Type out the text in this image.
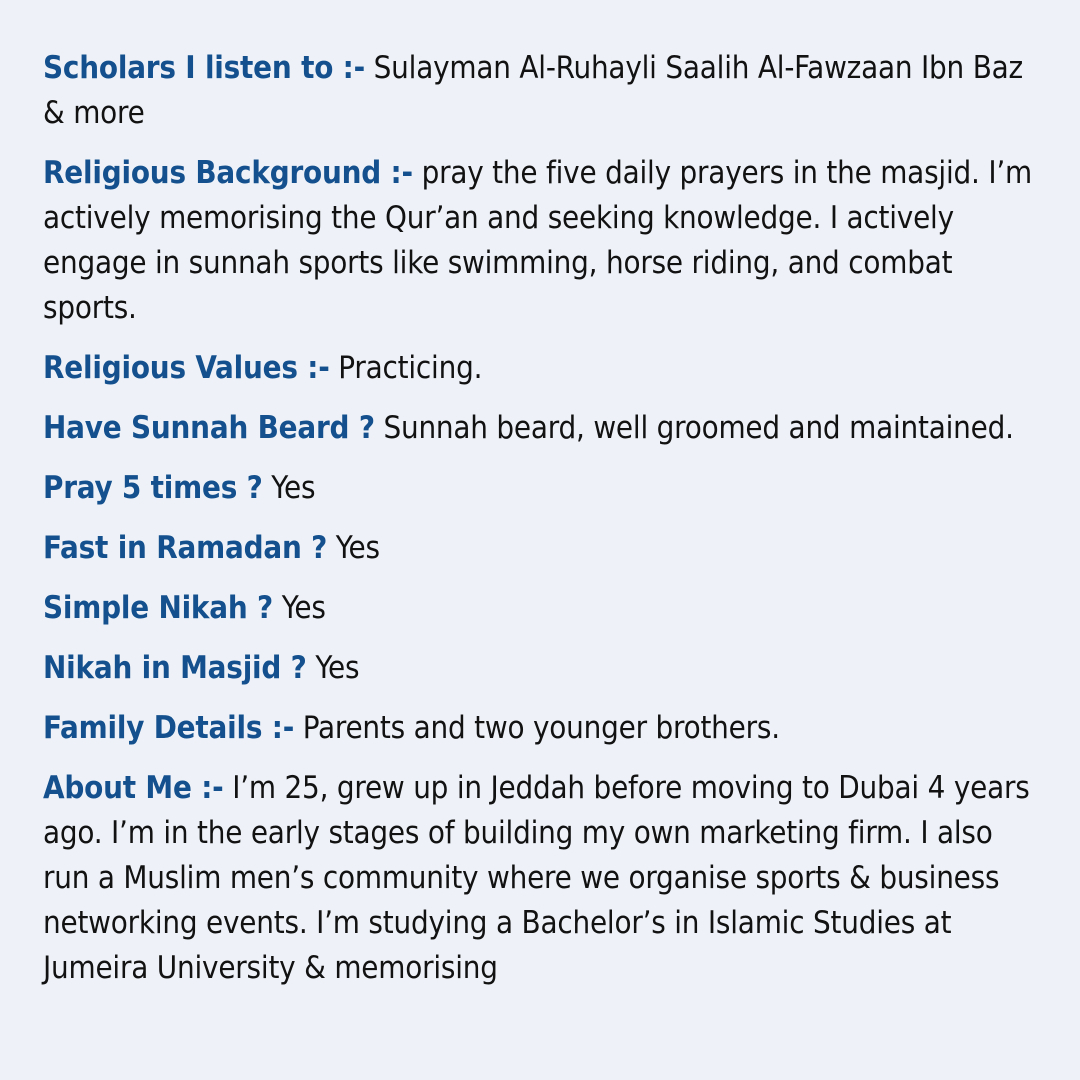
Scholars I listen to :- Sulayman Al-Ruhayli Saalih Al-Fawzaan Ibn Baz & more

Religious Background :- pray the five daily prayers in the masjid. I’m actively memorising the Qur’an and seeking knowledge. I actively engage in sunnah sports like swimming, horse riding, and combat sports.

Religious Values :- Practicing.

Have Sunnah Beard ? Sunnah beard, well groomed and maintained.

Pray 5 times ? Yes

Fast in Ramadan ? Yes

Simple Nikah ? Yes

Nikah in Masjid ? Yes

Family Details :- Parents and two younger brothers.

About Me :- I’m 25, grew up in Jeddah before moving to Dubai 4 years ago. I’m in the early stages of building my own marketing firm. I also run a Muslim men’s community where we organise sports & business networking events. I’m studying a Bachelor’s in Islamic Studies at Jumeira University & memorising
